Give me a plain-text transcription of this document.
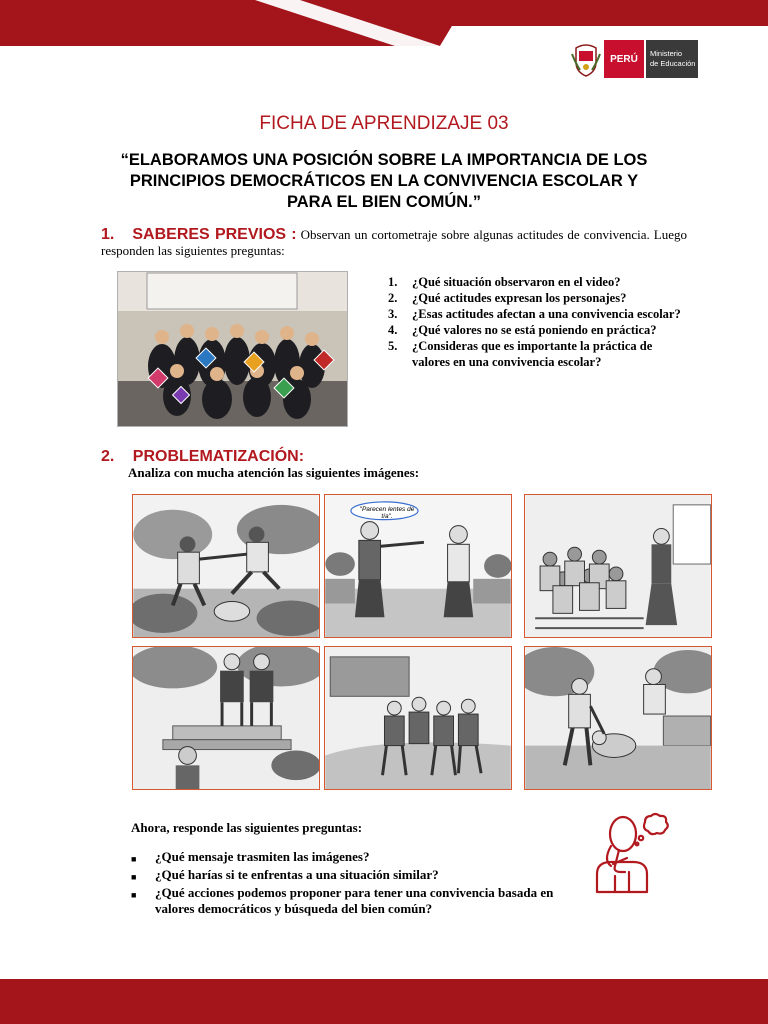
PERÚ	Ministerio
de Educación
FICHA DE APRENDIZAJE 03
“ELABORAMOS UNA POSICIÓN SOBRE LA IMPORTANCIA DE LOS PRINCIPIOS DEMOCRÁTICOS EN LA CONVIVENCIA ESCOLAR Y PARA EL BIEN COMÚN.”
1. SABERES PREVIOS : Observan un cortometraje sobre algunas actitudes de convivencia. Luego responden las siguientes preguntas:
1.	¿Qué situación observaron en el video?
2.	¿Qué actitudes expresan los personajes?
3.	¿Esas actitudes afectan a una convivencia escolar?
4.	¿Qué valores no se está poniendo en práctica?
5.	¿Consideras que es importante la práctica de valores en una convivencia escolar?
2. PROBLEMATIZACIÓN:
Analiza con mucha atención las siguientes imágenes:
"Parecen lentes de tía".
Ahora, responde las siguientes preguntas:
■	¿Qué mensaje trasmiten las imágenes?
■	¿Qué harías si te enfrentas a una situación similar?
■	¿Qué acciones podemos proponer para tener una convivencia basada en valores democráticos y búsqueda del bien común?
